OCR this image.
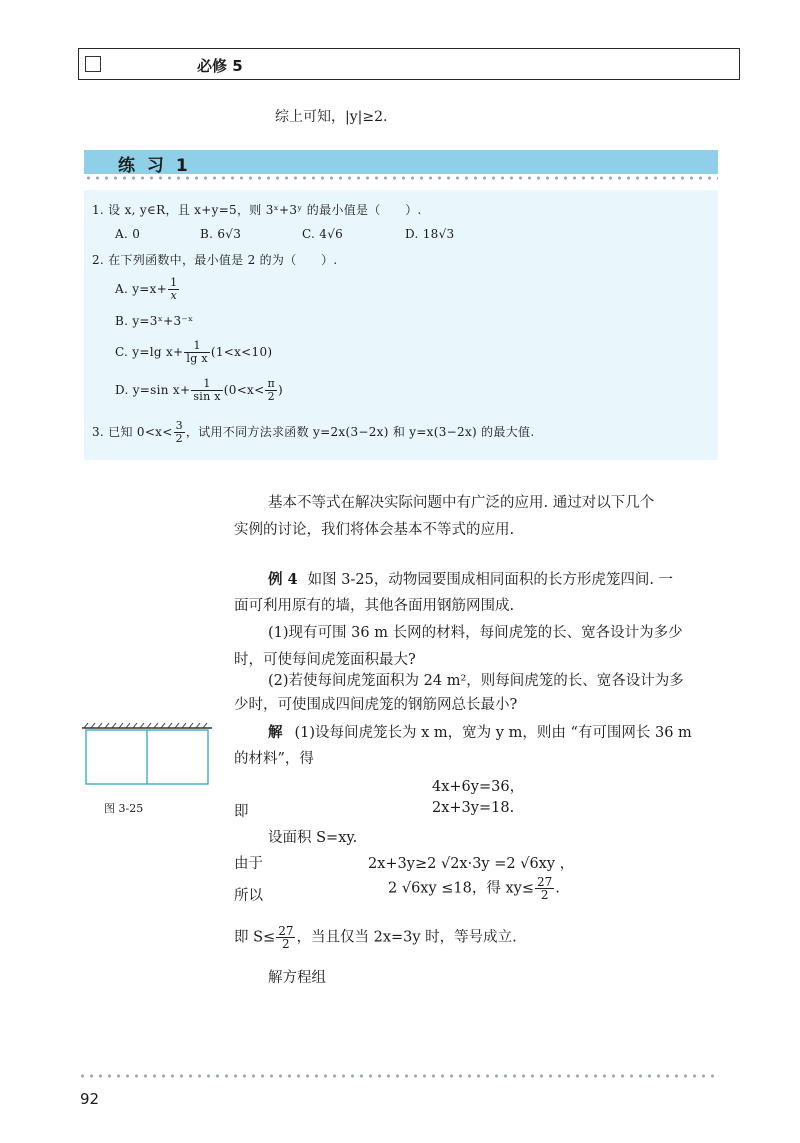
必修 5
综上可知，|y|≥2.
练 习 1
1. 设 x, y∈R，且 x+y=5，则 3ˣ+3ʸ 的最小值是（　　）.
A. 0	B. 6√3	C. 4√6	D. 18√3
2. 在下列函数中，最小值是 2 的为（　　）.
A. $y=x+ \frac{1}{x}$
B. y=3ˣ+3⁻ˣ
C. y=lg $x+ \frac{1}{\text{lg x}} (1<x<10)$
D. y=sin $x+ \frac{1}{\text{sin x}} (0<x< \frac{\pi}{2}$ )
3. 已知 $0<x< \frac{3}{2}$ ，试用不同方法求函数 y=2x(3−2x) 和 y=x(3−2x) 的最大值.
基本不等式在解决实际问题中有广泛的应用. 通过对以下几个
实例的讨论，我们将体会基本不等式的应用.
例 4 如图 3-25，动物园要围成相同面积的长方形虎笼四间. 一
面可利用原有的墙，其他各面用钢筋网围成.
(1)现有可围 36 m 长网的材料，每间虎笼的长、宽各设计为多少
时，可使每间虎笼面积最大?
(2)若使每间虎笼面积为 24 m²，则每间虎笼的长、宽各设计为多
少时，可使围成四间虎笼的钢筋网总长最小?
解 (1)设每间虎笼长为 x m，宽为 y m，则由 “有可围网长 36 m
的材料”，得
4x+6y=36，
即	2x+3y=18.
设面积 S=xy.
由于	2x+3y≥2 √2x·3y =2 √6xy ，
所以	2 √6xy ≤18，得 $xy\le \frac{27}{2}$ .
即 $S\le \frac{27}{2}$ ，当且仅当 2x=3y 时，等号成立.
解方程组
图 3-25
92
